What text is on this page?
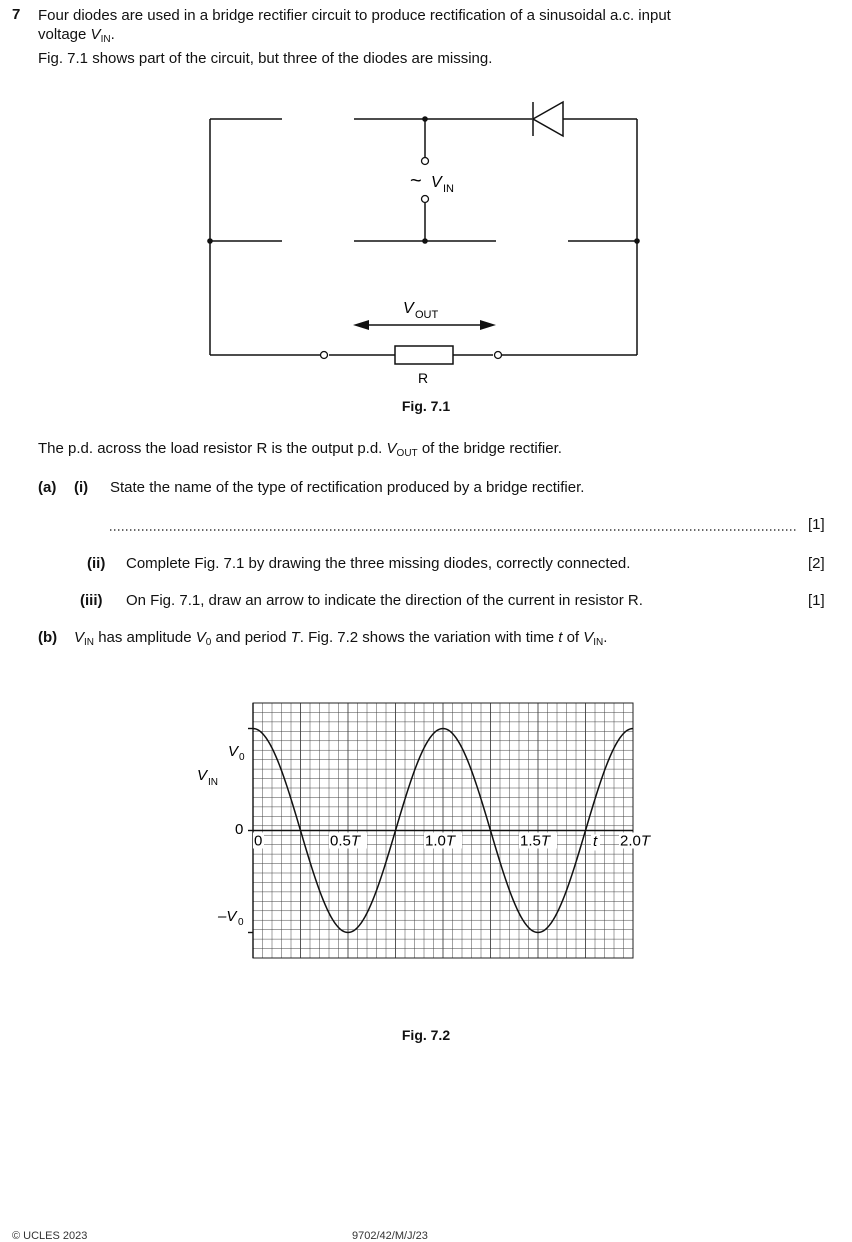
7 Four diodes are used in a bridge rectifier circuit to produce rectification of a sinusoidal a.c. input
voltage $V_{IN}$.
Fig. 7.1 shows part of the circuit, but three of the diodes are missing.
~ V IN
V OUT
R
Fig. 7.1
The p.d. across the load resistor R is the output p.d. $V_{OUT}$ of the bridge rectifier.
(a) (i) State the name of the type of rectification produced by a bridge rectifier.
[1]
(ii) Complete Fig. 7.1 by drawing the three missing diodes, correctly connected.	[2]
(iii) On Fig. 7.1, draw an arrow to indicate the direction of the current in resistor R.	[1]
(b) $V_{IN}$ has amplitude $V_0$ and period T. Fig. 7.2 shows the variation with time t of $V_{IN}$.
V 0
0
–V 0
V IN
0	0.5T	1.0T	1.5T	2.0T
t
Fig. 7.2
© UCLES 2023	9702/42/M/J/23
